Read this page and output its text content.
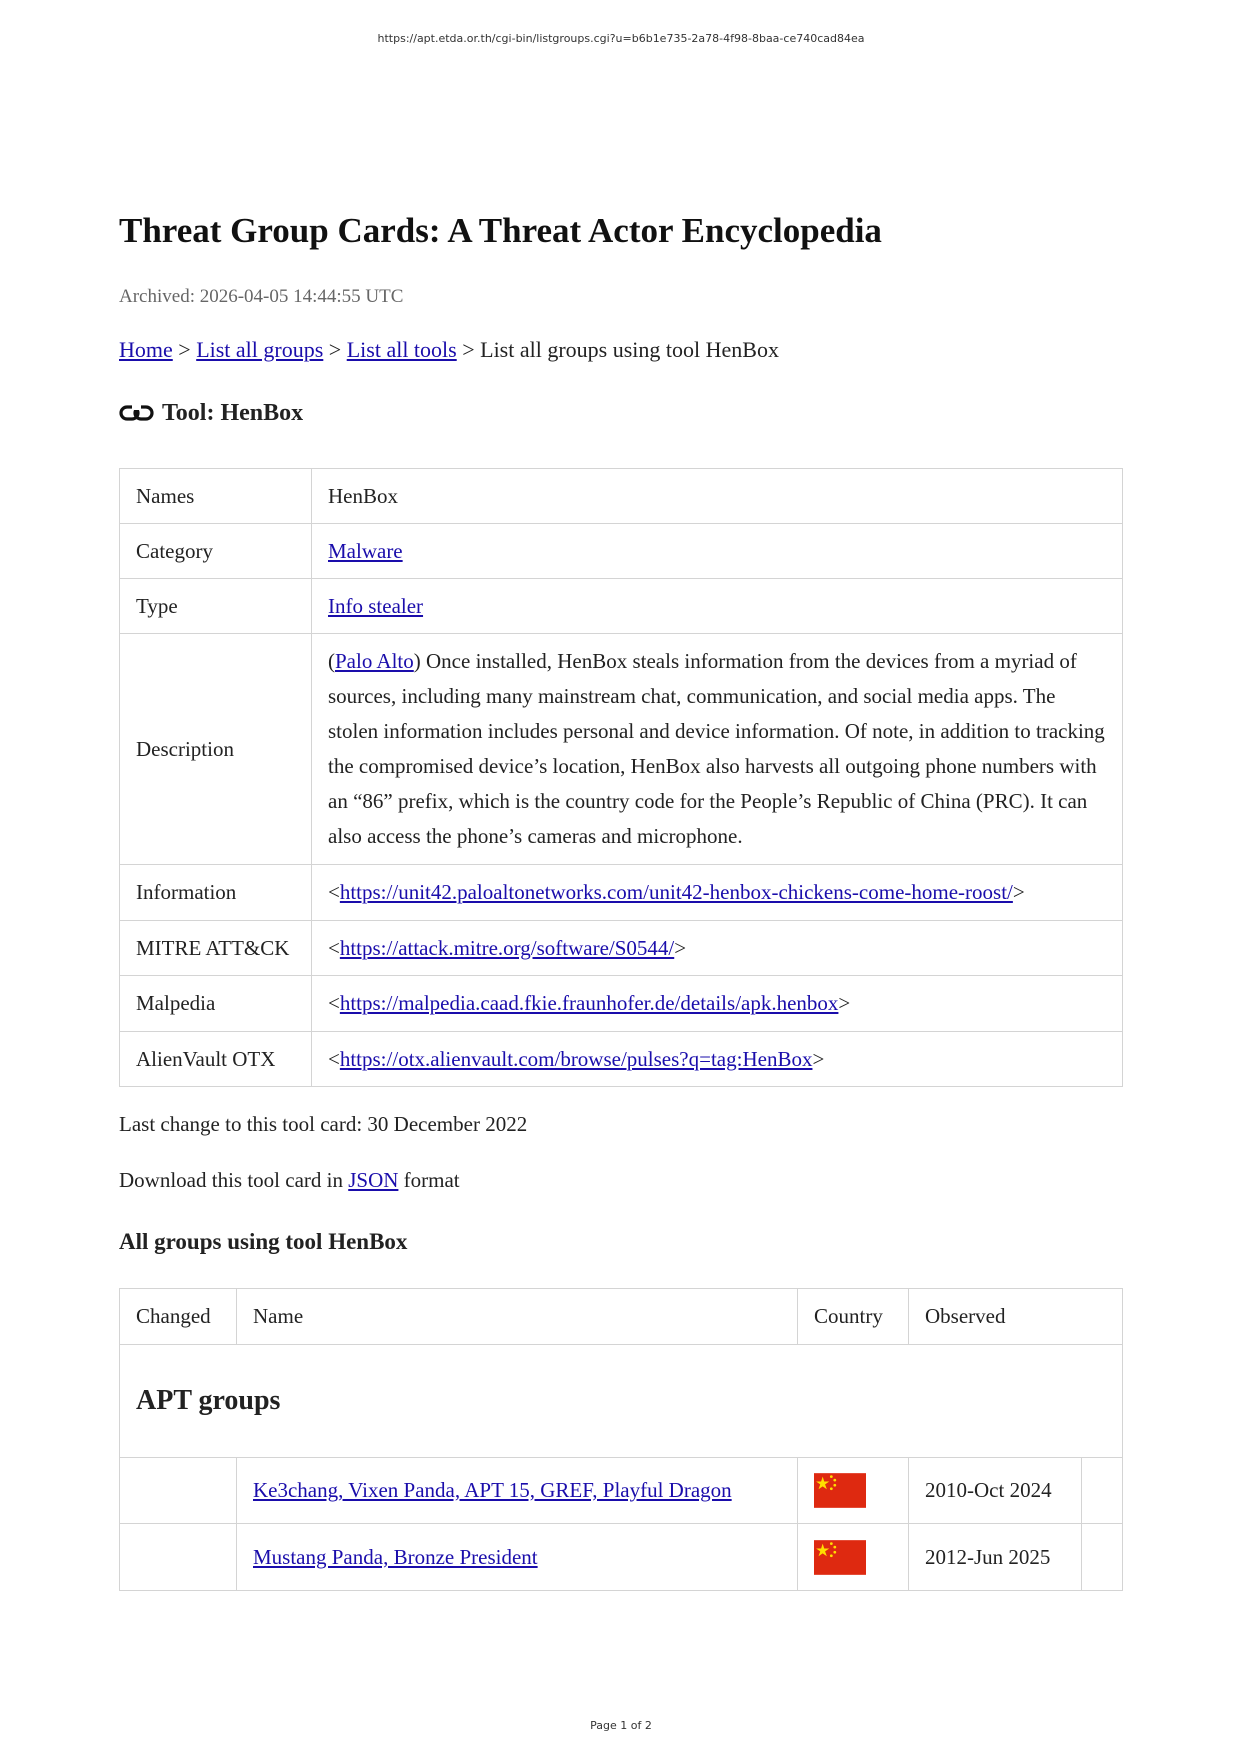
https://apt.etda.or.th/cgi-bin/listgroups.cgi?u=b6b1e735-2a78-4f98-8baa-ce740cad84ea
Threat Group Cards: A Threat Actor Encyclopedia
Archived: 2026-04-05 14:44:55 UTC
Home > List all groups > List all tools > List all groups using tool HenBox
Tool: HenBox
Names	HenBox
Category	Malware
Type	Info stealer
Description	(Palo Alto) Once installed, HenBox steals information from the devices from a myriad of sources, including many mainstream chat, communication, and social media apps. The stolen information includes personal and device information. Of note, in addition to tracking the compromised device’s location, HenBox also harvests all outgoing phone numbers with an “86” prefix, which is the country code for the People’s Republic of China (PRC). It can also access the phone’s cameras and microphone.
Information	<https://unit42.paloaltonetworks.com/unit42-henbox-chickens-come-home-roost/>
MITRE ATT&CK	<https://attack.mitre.org/software/S0544/>
Malpedia	<https://malpedia.caad.fkie.fraunhofer.de/details/apk.henbox>
AlienVault OTX	<https://otx.alienvault.com/browse/pulses?q=tag:HenBox>
Last change to this tool card: 30 December 2022
Download this tool card in JSON format
All groups using tool HenBox
Changed	Name	Country	Observed	
APT groups				
	Ke3chang, Vixen Panda, APT 15, GREF, Playful Dragon		2010-Oct 2024	
	Mustang Panda, Bronze President		2012-Jun 2025	
Page 1 of 2
